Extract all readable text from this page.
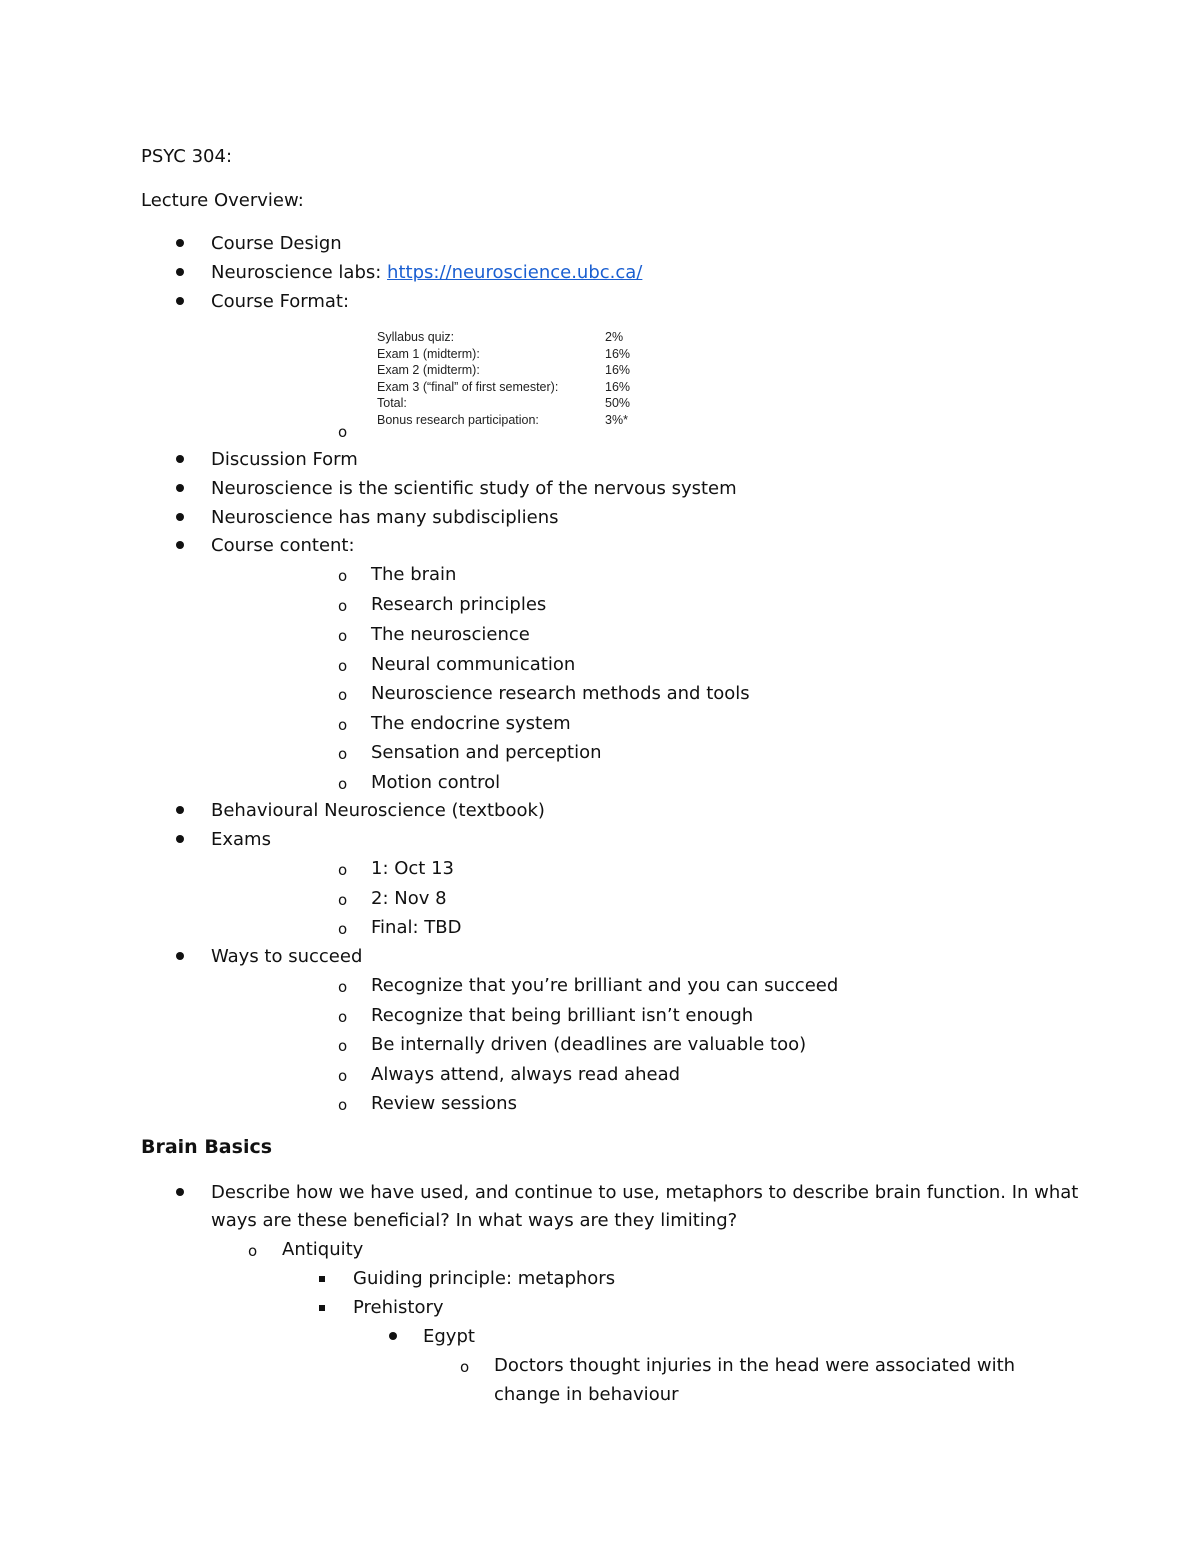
PSYC 304:
Lecture Overview:
Course Design
Neuroscience labs: https://neuroscience.ubc.ca/
Course Format:
Syllabus quiz:	2%
Exam 1 (midterm):	16%
Exam 2 (midterm):	16%
Exam 3 (“final” of first semester):	16%
Total:	50%
Bonus research participation:	3%*
o
Discussion Form
Neuroscience is the scientific study of the nervous system
Neuroscience has many subdiscipliens
Course content:
o The brain
o Research principles
o The neuroscience
o Neural communication
o Neuroscience research methods and tools
o The endocrine system
o Sensation and perception
o Motion control
Behavioural Neuroscience (textbook)
Exams
o 1: Oct 13
o 2: Nov 8
o Final: TBD
Ways to succeed
o Recognize that you’re brilliant and you can succeed
o Recognize that being brilliant isn’t enough
o Be internally driven (deadlines are valuable too)
o Always attend, always read ahead
o Review sessions
Brain Basics
Describe how we have used, and continue to use, metaphors to describe brain function. In what
ways are these beneficial? In what ways are they limiting?
o Antiquity
Guiding principle: metaphors
Prehistory
Egypt
o Doctors thought injuries in the head were associated with
change in behaviour
